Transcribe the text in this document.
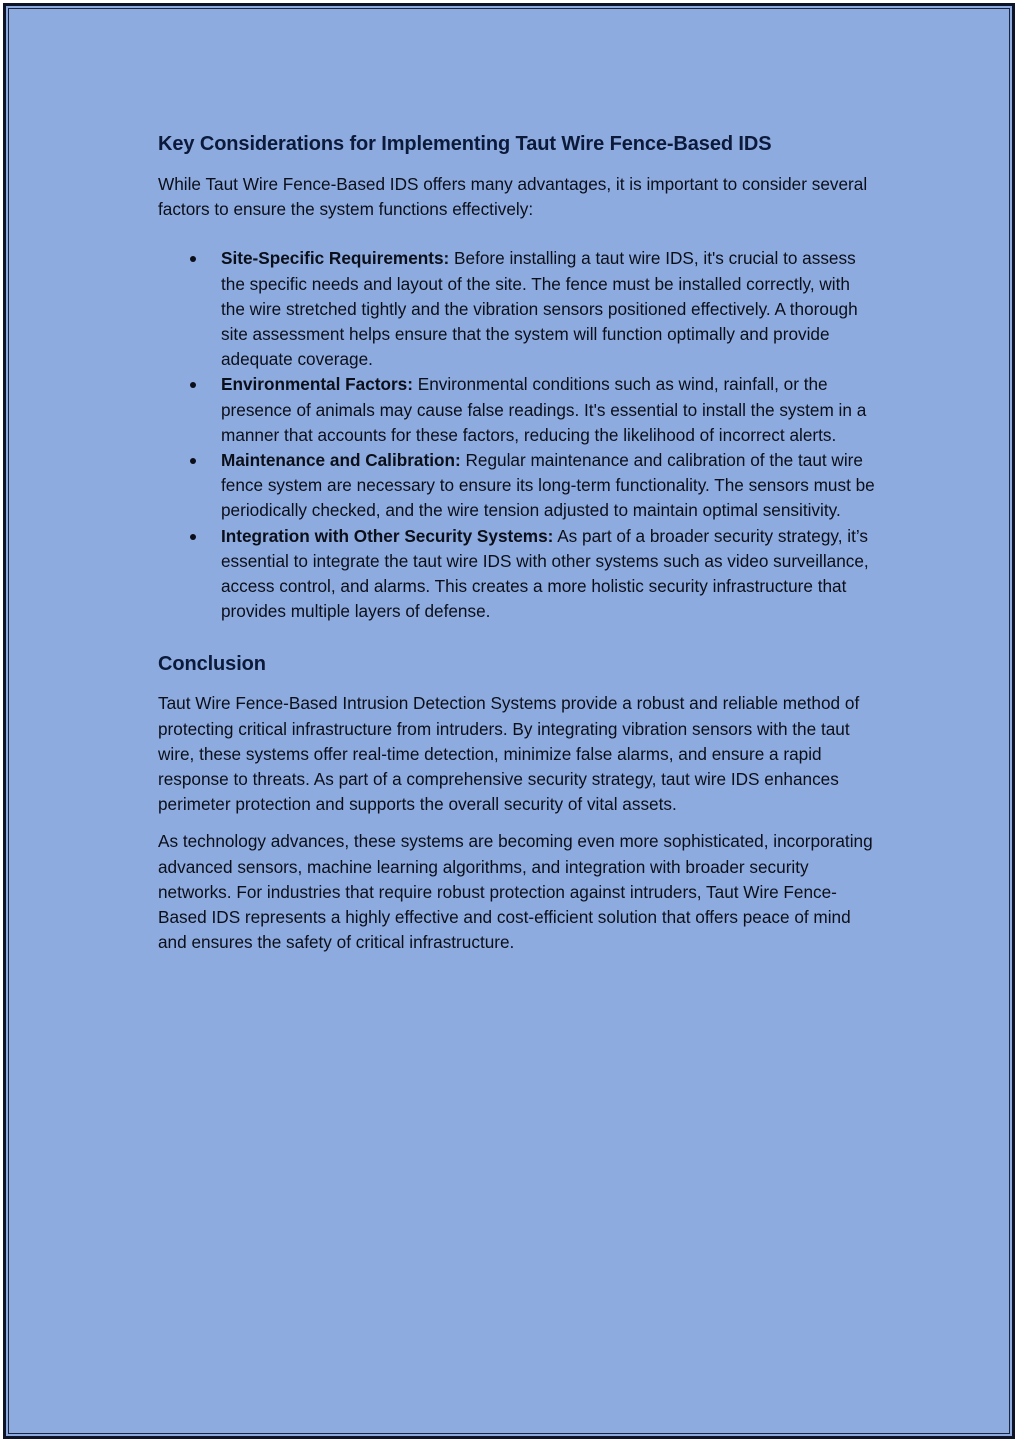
Key Considerations for Implementing Taut Wire Fence-Based IDS

While Taut Wire Fence-Based IDS offers many advantages, it is important to consider several factors to ensure the system functions effectively:

Site-Specific Requirements: Before installing a taut wire IDS, it's crucial to assess the specific needs and layout of the site. The fence must be installed correctly, with the wire stretched tightly and the vibration sensors positioned effectively. A thorough site assessment helps ensure that the system will function optimally and provide adequate coverage.
Environmental Factors: Environmental conditions such as wind, rainfall, or the presence of animals may cause false readings. It's essential to install the system in a manner that accounts for these factors, reducing the likelihood of incorrect alerts.
Maintenance and Calibration: Regular maintenance and calibration of the taut wire fence system are necessary to ensure its long-term functionality. The sensors must be periodically checked, and the wire tension adjusted to maintain optimal sensitivity.
Integration with Other Security Systems: As part of a broader security strategy, it’s essential to integrate the taut wire IDS with other systems such as video surveillance, access control, and alarms. This creates a more holistic security infrastructure that provides multiple layers of defense.
Conclusion

Taut Wire Fence-Based Intrusion Detection Systems provide a robust and reliable method of protecting critical infrastructure from intruders. By integrating vibration sensors with the taut wire, these systems offer real-time detection, minimize false alarms, and ensure a rapid response to threats. As part of a comprehensive security strategy, taut wire IDS enhances perimeter protection and supports the overall security of vital assets.

As technology advances, these systems are becoming even more sophisticated, incorporating advanced sensors, machine learning algorithms, and integration with broader security networks. For industries that require robust protection against intruders, Taut Wire Fence-Based IDS represents a highly effective and cost-efficient solution that offers peace of mind and ensures the safety of critical infrastructure.
